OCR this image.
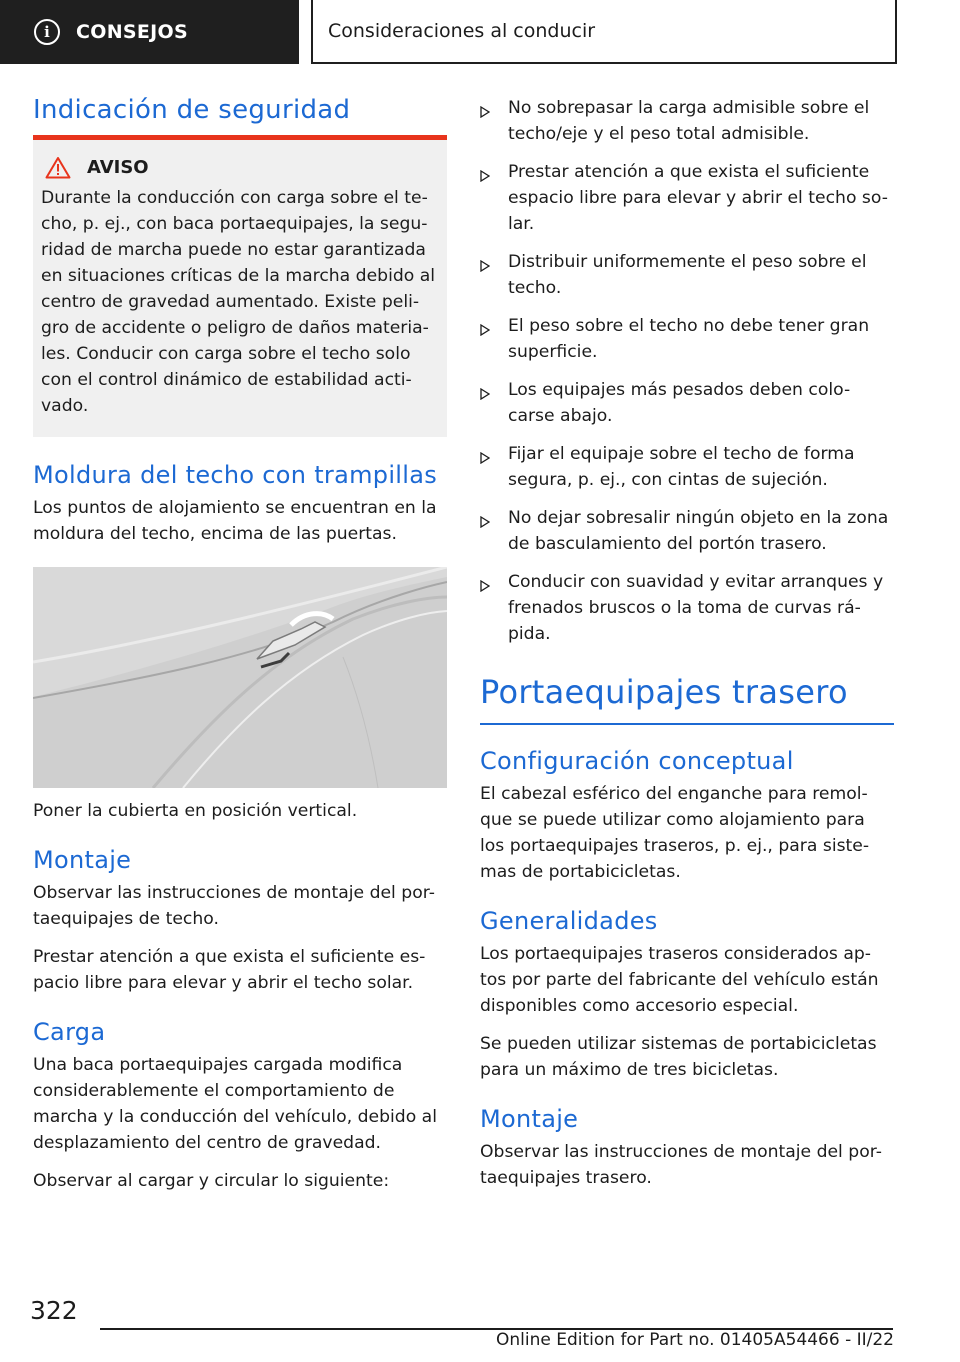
i	CONSEJOS	Consideraciones al conducir
Indicación de seguridad
AVISO

Durante la conducción con carga sobre el te-

cho, p. ej., con baca portaequipajes, la segu-

ridad de marcha puede no estar garantizada

en situaciones críticas de la marcha debido al

centro de gravedad aumentado. Existe peli-

gro de accidente o peligro de daños materia-

les. Conducir con carga sobre el techo solo

con el control dinámico de estabilidad acti-

vado.

Moldura del techo con trampillas

Los puntos de alojamiento se encuentran en la moldura del techo, encima de las puertas.

Poner la cubierta en posición vertical.

Montaje

Observar las instrucciones de montaje del por-taequipajes de techo.

Prestar atención a que exista el suficiente es-pacio libre para elevar y abrir el techo solar.

Carga

Una baca portaequipajes cargada modifica considerablemente el comportamiento de marcha y la conducción del vehículo, debido al desplazamiento del centro de gravedad.

Observar al cargar y circular lo siguiente:

No sobrepasar la carga admisible sobre el techo/eje y el peso total admisible.
Prestar atención a que exista el suficiente espacio libre para elevar y abrir el techo so-lar.
Distribuir uniformemente el peso sobre el techo.
El peso sobre el techo no debe tener gran superficie.
Los equipajes más pesados deben colo-carse abajo.
Fijar el equipaje sobre el techo de forma segura, p. ej., con cintas de sujeción.
No dejar sobresalir ningún objeto en la zona de basculamiento del portón trasero.
Conducir con suavidad y evitar arranques y frenados bruscos o la toma de curvas rá-pida.
Portaequipajes trasero
Configuración conceptual

El cabezal esférico del enganche para remol-que se puede utilizar como alojamiento para los portaequipajes traseros, p. ej., para siste-mas de portabicicletas.

Generalidades

Los portaequipajes traseros considerados ap-tos por parte del fabricante del vehículo están disponibles como accesorio especial.

Se pueden utilizar sistemas de portabicicletas para un máximo de tres bicicletas.

Montaje

Observar las instrucciones de montaje del por-taequipajes trasero.

322
Online Edition for Part no. 01405A54466 - II/22
